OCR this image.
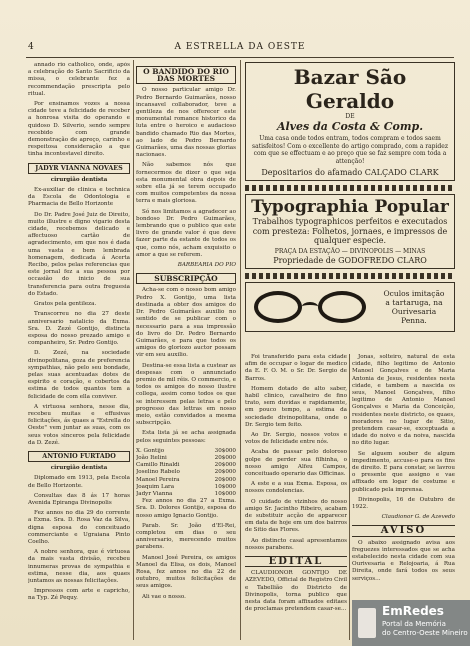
4	A ESTRELLA DA OESTE

annado rio catholico, onde, após a celebração do Santo Sacrificio da missa, o celebrante fez a recommendação prescripta pelo ritual.

Por ensinamos vozes a nossa cidade teve a felicidade de receber a honrosa visita do operando e quidoso D. Silverio, sendo sempre recebido com grande demonstração de apreço, carinho e respeitosa consideração a que tinha incontestavel direito.

JADYR VIANNA NOVAES

cirurgião dentista

Ex-auxiliar de clinica e technica da Escola de Odontologia e Pharmacia de Bello Horizonte

Do Dr. Padre José Juiz de Direito, muito illustre e digno vigario desta cidade, recebemos delicado e affectuoso cartão de agradecimento, em que nos é dada uma vasta e bem lembrada homenagem, dedicada á Acerta Recibo, pelos pelas referencias que este jornal fez a sua pessoa por occasião do inicio de sua transferencia para outra freguesia do Estado.

Gratos pela gentileza.

Transcorreu no dia 27 deste anniversario natalicio da Exma. Sra. D. Zezé Gontijo, distincta esposa do nosso prezado amigo e companheiro, Sr. Pedro Gontijo.

D. Zezé, na sociedade divinopolitana, goza de preferencia sympathias, não pelo seu bondade, pelas suas acentuadas dotes de espirito e coração, e cobertos da estima de todos quantos tem a felicidade de com ella conviver.

A virtuosa senhora, nesse dia, recebeu muitas e effusivas felicitações, ás quaes a "Estrella do Oeste" vem juntar as suas, com os seus votos sinceros pela felicidade da D. Zezé.

ANTONIO FURTADO

cirurgião dentista

Diplomado em 1913, pela Escola de Bello Horizonte.

Consultas das 8 ás 17 horas Avenida Epiranga Divinopolis

Fez annos no dia 29 do corrente a Exma. Sra. D. Rosa Vaz da Silva, digna esposa do conceituado commerciante e Ugraiana Pinto Coelho.

A nobre senhora, que é virtuosa da mais vasta divisão, recebeu innumeras provas de sympathia e estima, nesse dia, aos quaes juntamos as nossas felicitações.

Impressos com arte e capricho, na Typ. Zé Pequy.

O BANDIDO DO RIO DAS MORTES

O nosso particular amigo Dr. Pedro Bernardo Guimarães, nosso incansavel collaborador, teve a gentileza de nos offerecer este monumental romance historico da luta entre o heroico e audacioso bandido chamado Rio das Mortes, ao lado de Pedro Bernardo Guimarães, uma das nossas glorias nacionaes.

Não sabemos nós que fornecermos de dizer o que seja esta monumental obra depois de sobre ella já se terem occupado com muitos competentes da nossa terra e mais gloriosa.

Só nos limitamos a agradecer ao bondoso Dr. Pedro Guimarães, lembrando que o publico que este livro de grande valor é que deve fazer parte da estante de todos os que, como nós, acham exquisito o amor a que se referem.

BARBEARIA DO PIO

SUBSCRIPÇÃO

Acha-se com o nosso bom amigo Pedro X. Gontijo, uma lista destinada a obter dos amigos do Dr. Pedro Guimarães auxilio no sentido de se publicar com o necessario para a sua impressão do livro do Dr. Pedro Bernardo Guimarães, e para que todos os amigos do gloriozo auctor possam vir em seu auxilio.

Destina-se essa lista a custear as despesas com o annunciado premio de mil réis. O commercio, e todos os amigos do nosso ilustre collega, assim como todos os que se interessem pelas letras e pelo progresso das lettras em nosso meio, estão convidados a mesma subscripção.

Esta lista já se acha assignada pelos seguintes pessoas:

X. Gontijo	30$000
João Itelini	20$000
Camillo Rinaldi	20$000
Joselino Rabelo	20$000
Manoel Pereira	20$000
Joaquim Lara	10$000
Jadyr Vianna	10$000

Fez annos no dia 27 a Exma. Sra. D. Dolores Gontijo, esposa do nosso amigo Ignacio Gontijo.

Parab. Sr. João d'El-Rei, completou em dias o seu anniversario, merecendo muitos parabens.

Manoel José Pereira, os amigos Manoel da Elisa, os dois, Manoel Rosa, fez annos no dia 22 de outubro, muitos felicitações de seus amigos.

Ali vae o nosso.

Bazar São Geraldo
DE
Alves da Costa & Comp.
Uma casa onde todos entram, todos compram e todos saem satisfeitos! Com o excellente do artigo comprado, com a rapidez com que se effectuam e ao preço que se faz sempre com toda a attenção!
Depositarios do afamado CALÇADO CLARK
Typographia Popular
Trabalhos typographicos perfeitos e executados com presteza: Folhetos, jornaes, e impressos de qualquer especie.
PRAÇA DA ESTAÇÃO — DIVINOPOLIS — MINAS
Propriedade de GODOFREDO CLARO
Oculos imitação a tartaruga, na Ourivesaria Penna.

Foi transferido para esta cidade afim de occupar o logar de medico da E. F. O. M. o Sr. Dr. Sergio de Barros.

Homem dotado de alto saber, habil clinico, cavalheiro de fino trato, sem duvidas e rapidamente, em pouco tempo, a estima da sociedade divinopolitana, onde o Dr. Sergio tem feito.

Ao Dr. Sergio, nossos votos e votos de felicidade entre nós.

Acaba de passar pelo doloroso golpe de perder sua filhinha, o nosso amigo Alfeu Campos, conceituado operario das Officinas.

A este e a sua Exma. Esposa, os nossos condolencias.

O cuidado de vizinhos do nosso amigo Sr. Jacintho Ribeiro, acabam de substituir acção de apparecer em data de hoje em um dos bairros de Sitio das Flores.

Ao distincto casal apresentamos nossos parabens.

EDITAL

CLAUDIONOR GONTIJO DE AZEVEDO, Official de Registro Civil e Tabellião do Districto de Divinopolis, torna publico que nesta data foram affixados editaes de proclamas pretendem casar-se...

Jonas, solteiro, natural de esta cidade, filho legitimo de Antonio Manoel Gonçalves e de Maria Antonia de Jesus, residentes nesta cidade, e tambem a nascida os seus, Manoel Gonçalves, filho legitimo de Antonio Manoel Gonçalves e Maria da Conceição, residentes neste districto, os quaes, moradores no lugar de Sitio, pretendem casar-se, exceptuada a idade do noivo e da noiva, nascida no dito lugar.

Se alguem souber de algum impedimento, accuse-o para os fins de direito. E para constar, se lavrou o presente que assigno e vae affixado em logar de costume e publicado pela imprensa.

Divinopolis, 16 de Outubro de 1922.

Claudionor G. de Azevedo

AVISO

O abaixo assignado avisa aos freguezes interessados que se acha estabelecido nesta cidade com sua Ourivesaria e Relojoaria, á Rua Direita, onde fará todos os seus serviços...

EmRedes
Portal da Memória
do Centro-Oeste Mineiro
